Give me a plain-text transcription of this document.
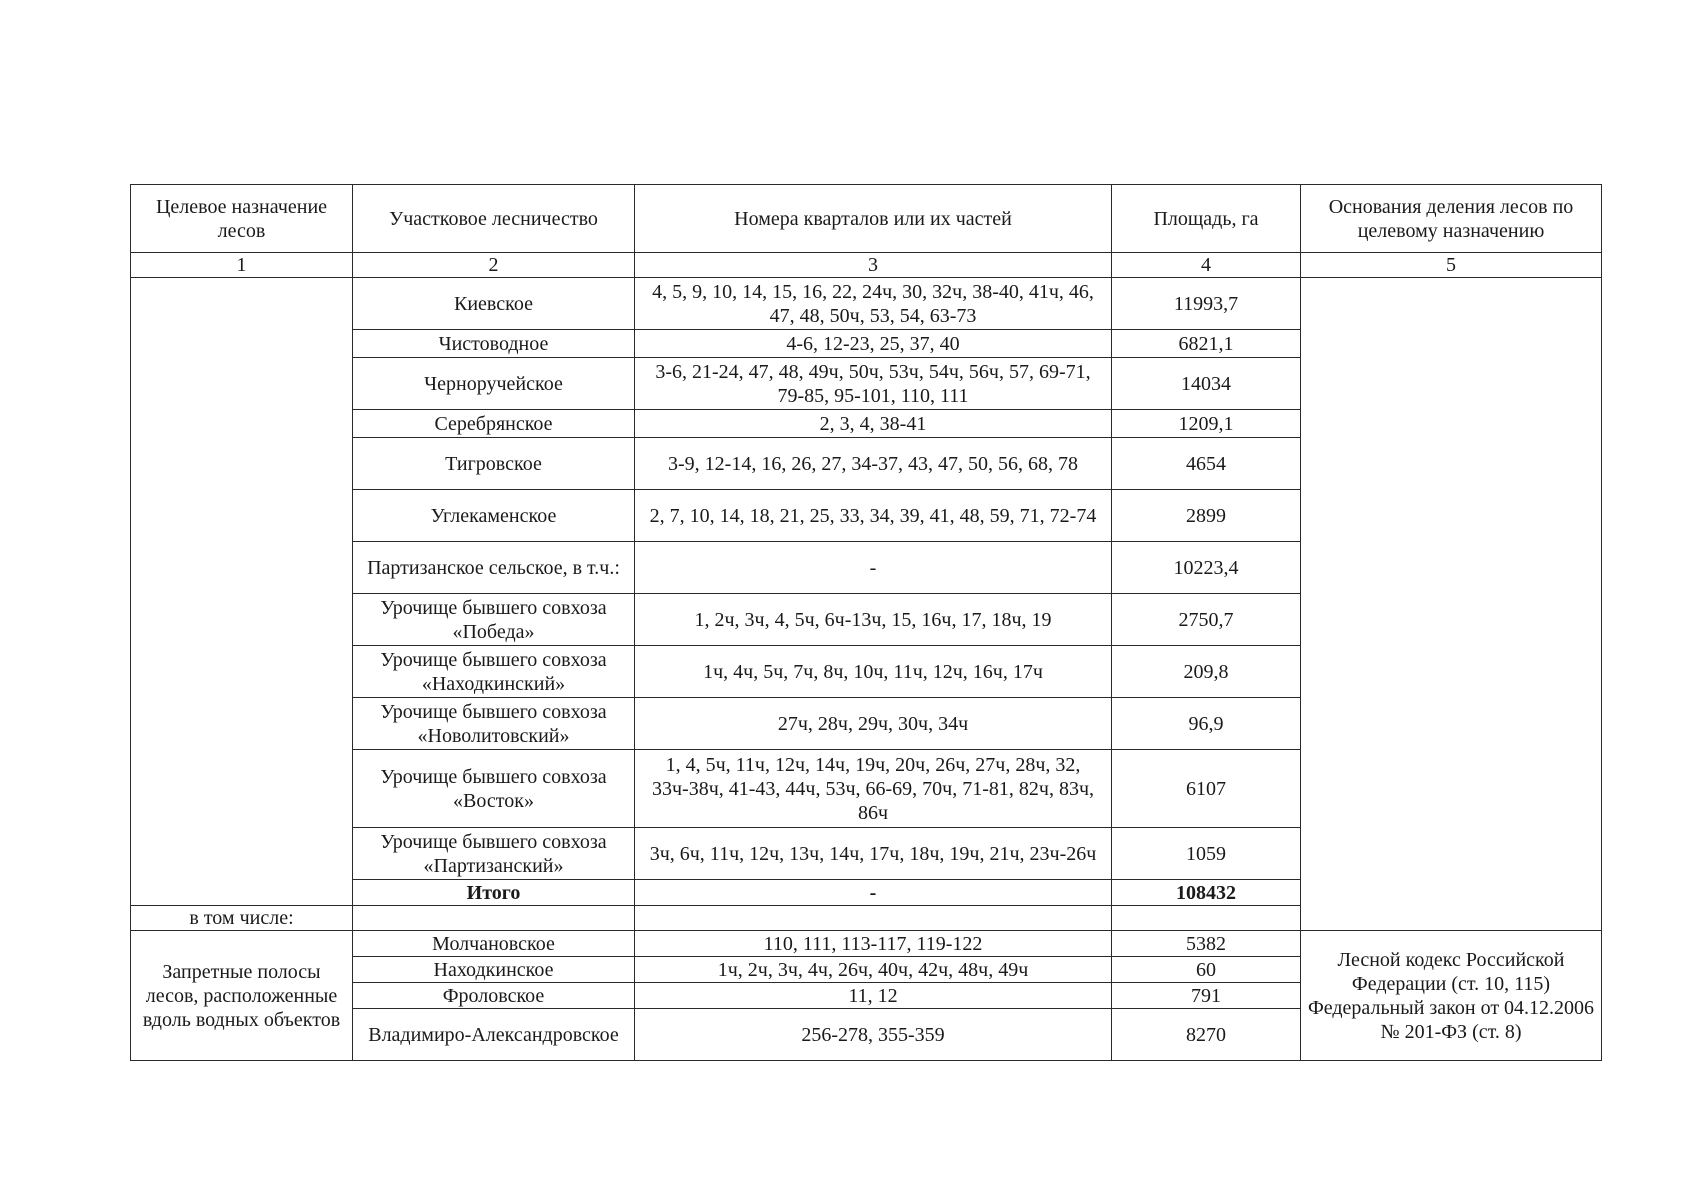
Целевое назначение лесов	Участковое лесничество	Номера кварталов или их частей	Площадь, га	Основания деления лесов по целевому назначению
1	2	3	4	5
	Киевское	4, 5, 9, 10, 14, 15, 16, 22, 24ч, 30, 32ч, 38-40, 41ч, 46, 47, 48, 50ч, 53, 54, 63-73	11993,7	
	Чистоводное	4-6, 12-23, 25, 37, 40	6821,1	
	Черноручейское	3-6, 21-24, 47, 48, 49ч, 50ч, 53ч, 54ч, 56ч, 57, 69-71, 79-85, 95-101, 110, 111	14034	
	Серебрянское	2, 3, 4, 38-41	1209,1	
	Тигровское	3-9, 12-14, 16, 26, 27, 34-37, 43, 47, 50, 56, 68, 78	4654	
	Углекаменское	2, 7, 10, 14, 18, 21, 25, 33, 34, 39, 41, 48, 59, 71, 72-74	2899	
	Партизанское сельское, в т.ч.:	-	10223,4	
	Урочище бывшего совхоза «Победа»	1, 2ч, 3ч, 4, 5ч, 6ч-13ч, 15, 16ч, 17, 18ч, 19	2750,7	
	Урочище бывшего совхоза «Находкинский»	1ч, 4ч, 5ч, 7ч, 8ч, 10ч, 11ч, 12ч, 16ч, 17ч	209,8	
	Урочище бывшего совхоза «Новолитовский»	27ч, 28ч, 29ч, 30ч, 34ч	96,9	
	Урочище бывшего совхоза «Восток»	1, 4, 5ч, 11ч, 12ч, 14ч, 19ч, 20ч, 26ч, 27ч, 28ч, 32, 33ч-38ч, 41-43, 44ч, 53ч, 66-69, 70ч, 71-81, 82ч, 83ч, 86ч	6107	
	Урочище бывшего совхоза «Партизанский»	3ч, 6ч, 11ч, 12ч, 13ч, 14ч, 17ч, 18ч, 19ч, 21ч, 23ч-26ч	1059	
	Итого	-	108432	
в том числе:				
Запретные полосы лесов, расположенные вдоль водных объектов	Молчановское	110, 111, 113-117, 119-122	5382	Лесной кодекс Российской Федерации (ст. 10, 115) Федеральный закон от 04.12.2006 № 201-ФЗ (ст. 8)
	Находкинское	1ч, 2ч, 3ч, 4ч, 26ч, 40ч, 42ч, 48ч, 49ч	60	
	Фроловское	11, 12	791	
	Владимиро-Александровское	256-278, 355-359	8270	
